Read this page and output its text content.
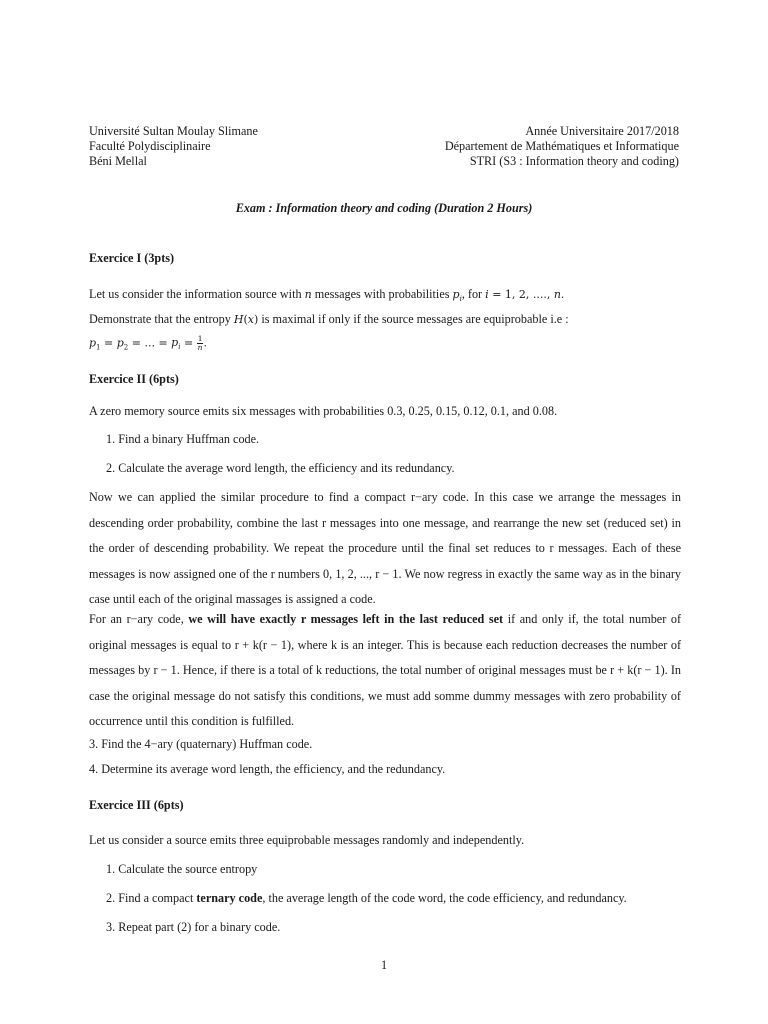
Université Sultan Moulay Slimane
Faculté Polydisciplinaire
Béni Mellal
Année Universitaire 2017/2018
Département de Mathématiques et Informatique
STRI (S3 : Information theory and coding)
Exam : Information theory and coding (Duration 2 Hours)
Exercice I (3pts)
Let us consider the information source with n messages with probabilities $p_i$, for i = 1, 2, ...., n.
Demonstrate that the entropy H(x) is maximal if only if the source messages are equiprobable i.e :
$p_1 = p_2$ = ... = $p_i = \frac{1}{n}$ .
Exercice II (6pts)
A zero memory source emits six messages with probabilities 0.3, 0.25, 0.15, 0.12, 0.1, and 0.08.
1. Find a binary Huffman code.
2. Calculate the average word length, the efficiency and its redundancy.
Now we can applied the similar procedure to find a compact r−ary code. In this case we arrange the messages in descending order probability, combine the last r messages into one message, and rearrange the new set (reduced set) in the order of descending probability. We repeat the procedure until the final set reduces to r messages. Each of these messages is now assigned one of the r numbers 0, 1, 2, ..., r − 1. We now regress in exactly the same way as in the binary case until each of the original massages is assigned a code.
For an r−ary code, we will have exactly r messages left in the last reduced set if and only if, the total number of original messages is equal to r + k(r − 1), where k is an integer. This is because each reduction decreases the number of messages by r − 1. Hence, if there is a total of k reductions, the total number of original messages must be r + k(r − 1). In case the original message do not satisfy this conditions, we must add somme dummy messages with zero probability of occurrence until this condition is fulfilled.
3. Find the 4−ary (quaternary) Huffman code.
4. Determine its average word length, the efficiency, and the redundancy.
Exercice III (6pts)
Let us consider a source emits three equiprobable messages randomly and independently.
1. Calculate the source entropy
2. Find a compact ternary code, the average length of the code word, the code efficiency, and redundancy.
3. Repeat part (2) for a binary code.
1
